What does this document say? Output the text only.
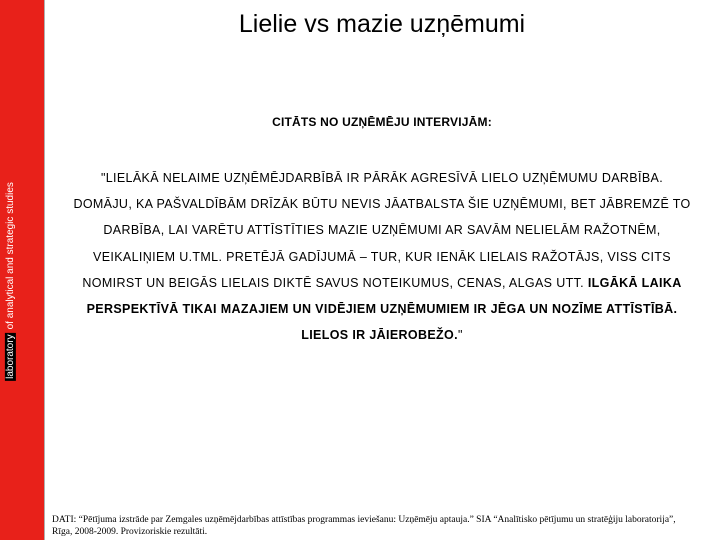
laboratoryof analytical and strategic studies
Lielie vs mazie uzņēmumi
CITĀTS NO UZŅĒMĒJU INTERVIJĀM:
"LIELĀKĀ NELAIME UZŅĒMĒJDARBĪBĀ IR PĀRĀK AGRESĪVĀ LIELO UZŅĒMUMU DARBĪBA.
DOMĀJU, KA PAŠVALDĪBĀM DRĪZĀK BŪTU NEVIS JĀATBALSTA ŠIE UZŅĒMUMI, BET JĀBREMZĒ TO
DARBĪBA, LAI VARĒTU ATTĪSTĪTIES MAZIE UZŅĒMUMI AR SAVĀM NELIELĀM RAŽOTNĒM,
VEIKALIŅIEM U.TML. PRETĒJĀ GADĪJUMĀ – TUR, KUR IENĀK LIELAIS RAŽOTĀJS, VISS CITS
NOMIRST UN BEIGĀS LIELAIS DIKTĒ SAVUS NOTEIKUMUS, CENAS, ALGAS UTT. ILGĀKĀ LAIKA
PERSPEKTĪVĀ TIKAI MAZAJIEM UN VIDĒJIEM UZŅĒMUMIEM IR JĒGA UN NOZĪME ATTĪSTĪBĀ.
LIELOS IR JĀIEROBEŽO."
DATI: “Pētījuma izstrāde par Zemgales uzņēmējdarbības attīstības programmas ieviešanu: Uzņēmēju aptauja.” SIA “Analītisko pētījumu un stratēģiju laboratorija”, Rīga, 2008-2009. Provizoriskie rezultāti.
